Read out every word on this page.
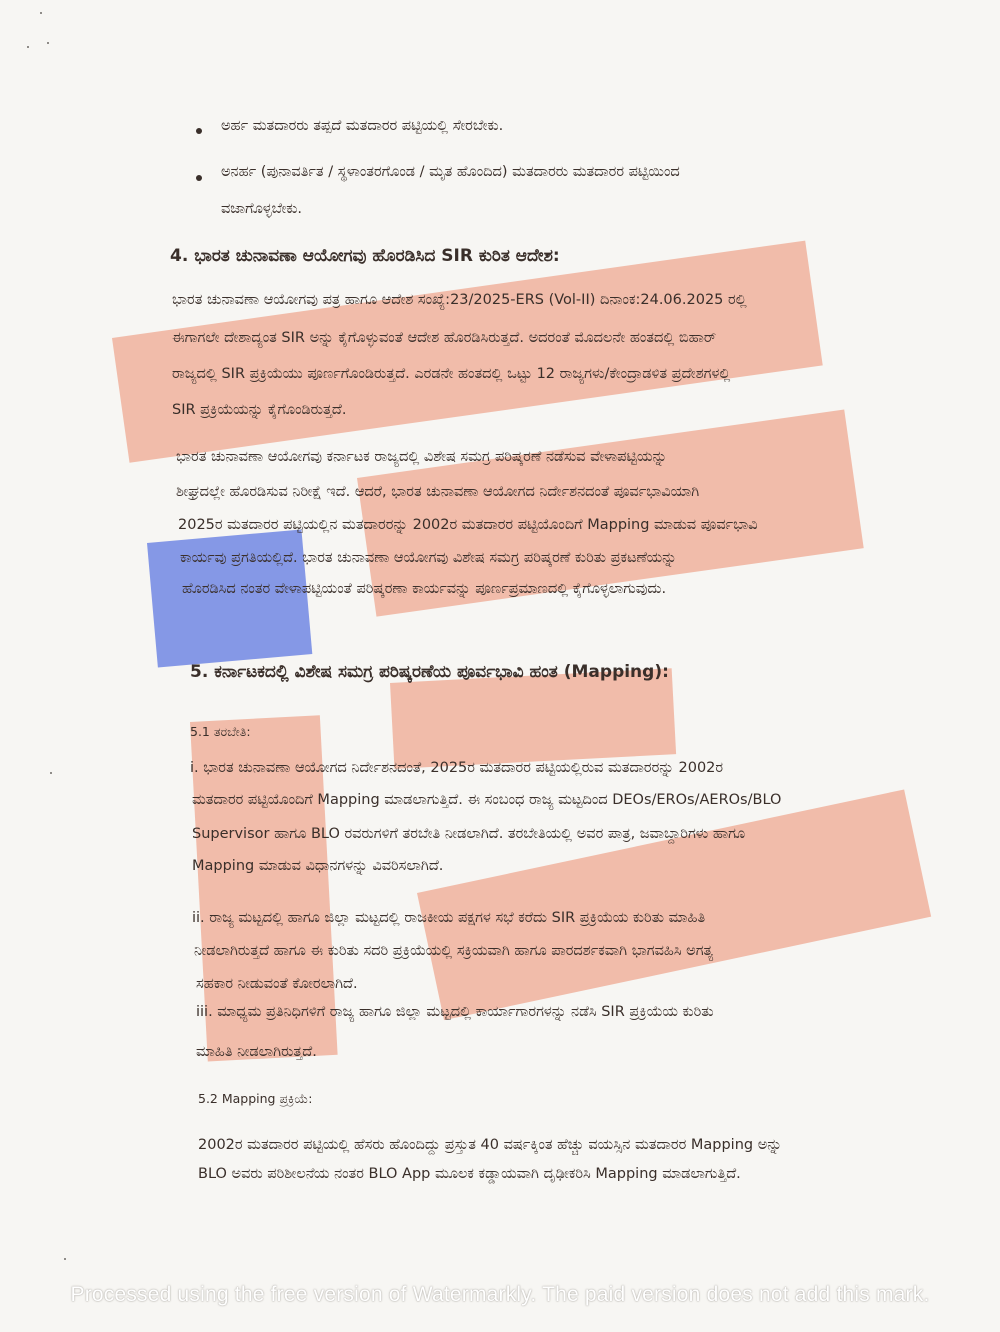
ಅರ್ಹ ಮತದಾರರು ತಪ್ಪದೆ ಮತದಾರರ ಪಟ್ಟಿಯಲ್ಲಿ ಸೇರಬೇಕು.
ಅನರ್ಹ (ಪುನಾವರ್ತಿತ / ಸ್ಥಳಾಂತರಗೊಂಡ / ಮೃತ ಹೊಂದಿದ) ಮತದಾರರು ಮತದಾರರ ಪಟ್ಟಿಯಿಂದ
ವಜಾಗೊಳ್ಳಬೇಕು.
4. ಭಾರತ ಚುನಾವಣಾ ಆಯೋಗವು ಹೊರಡಿಸಿದ SIR ಕುರಿತ ಆದೇಶ:
ಭಾರತ ಚುನಾವಣಾ ಆಯೋಗವು ಪತ್ರ ಹಾಗೂ ಆದೇಶ ಸಂಖ್ಯೆ:23/2025-ERS (Vol-II) ದಿನಾಂಕ:24.06.2025 ರಲ್ಲಿ
ಈಗಾಗಲೇ ದೇಶಾದ್ಯಂತ SIR ಅನ್ನು ಕೈಗೊಳ್ಳುವಂತೆ ಆದೇಶ ಹೊರಡಿಸಿರುತ್ತದೆ. ಅದರಂತೆ ಮೊದಲನೇ ಹಂತದಲ್ಲಿ ಬಿಹಾರ್
ರಾಜ್ಯದಲ್ಲಿ SIR ಪ್ರಕ್ರಿಯೆಯು ಪೂರ್ಣಗೊಂಡಿರುತ್ತದೆ. ಎರಡನೇ ಹಂತದಲ್ಲಿ ಒಟ್ಟು 12 ರಾಜ್ಯಗಳು/ಕೇಂದ್ರಾಡಳಿತ ಪ್ರದೇಶಗಳಲ್ಲಿ
SIR ಪ್ರಕ್ರಿಯೆಯನ್ನು ಕೈಗೊಂಡಿರುತ್ತದೆ.
ಭಾರತ ಚುನಾವಣಾ ಆಯೋಗವು ಕರ್ನಾಟಕ ರಾಜ್ಯದಲ್ಲಿ ವಿಶೇಷ ಸಮಗ್ರ ಪರಿಷ್ಕರಣೆ ನಡೆಸುವ ವೇಳಾಪಟ್ಟಿಯನ್ನು
ಶೀಘ್ರದಲ್ಲೇ ಹೊರಡಿಸುವ ನಿರೀಕ್ಷೆ ಇದೆ. ಆದರೆ, ಭಾರತ ಚುನಾವಣಾ ಆಯೋಗದ ನಿರ್ದೇಶನದಂತೆ ಪೂರ್ವಭಾವಿಯಾಗಿ
2025ರ ಮತದಾರರ ಪಟ್ಟಿಯಲ್ಲಿನ ಮತದಾರರನ್ನು 2002ರ ಮತದಾರರ ಪಟ್ಟಿಯೊಂದಿಗೆ Mapping ಮಾಡುವ ಪೂರ್ವಭಾವಿ
ಕಾರ್ಯವು ಪ್ರಗತಿಯಲ್ಲಿದೆ. ಭಾರತ ಚುನಾವಣಾ ಆಯೋಗವು ವಿಶೇಷ ಸಮಗ್ರ ಪರಿಷ್ಕರಣೆ ಕುರಿತು ಪ್ರಕಟಣೆಯನ್ನು
ಹೊರಡಿಸಿದ ನಂತರ ವೇಳಾಪಟ್ಟಿಯಂತೆ ಪರಿಷ್ಕರಣಾ ಕಾರ್ಯವನ್ನು ಪೂರ್ಣಪ್ರಮಾಣದಲ್ಲಿ ಕೈಗೊಳ್ಳಲಾಗುವುದು.
5. ಕರ್ನಾಟಕದಲ್ಲಿ ವಿಶೇಷ ಸಮಗ್ರ ಪರಿಷ್ಕರಣೆಯ ಪೂರ್ವಭಾವಿ ಹಂತ (Mapping):
5.1 ತರಬೇತಿ:
i. ಭಾರತ ಚುನಾವಣಾ ಆಯೋಗದ ನಿರ್ದೇಶನದಂತೆ, 2025ರ ಮತದಾರರ ಪಟ್ಟಿಯಲ್ಲಿರುವ ಮತದಾರರನ್ನು 2002ರ
ಮತದಾರರ ಪಟ್ಟಿಯೊಂದಿಗೆ Mapping ಮಾಡಲಾಗುತ್ತಿದೆ. ಈ ಸಂಬಂಧ ರಾಜ್ಯ ಮಟ್ಟದಿಂದ DEOs/EROs/AEROs/BLO
Supervisor ಹಾಗೂ BLO ರವರುಗಳಿಗೆ ತರಬೇತಿ ನೀಡಲಾಗಿದೆ. ತರಬೇತಿಯಲ್ಲಿ ಅವರ ಪಾತ್ರ, ಜವಾಬ್ದಾರಿಗಳು ಹಾಗೂ
Mapping ಮಾಡುವ ವಿಧಾನಗಳನ್ನು ವಿವರಿಸಲಾಗಿದೆ.
ii. ರಾಜ್ಯ ಮಟ್ಟದಲ್ಲಿ ಹಾಗೂ ಜಿಲ್ಲಾ ಮಟ್ಟದಲ್ಲಿ ರಾಜಕೀಯ ಪಕ್ಷಗಳ ಸಭೆ ಕರೆದು SIR ಪ್ರಕ್ರಿಯೆಯ ಕುರಿತು ಮಾಹಿತಿ
ನೀಡಲಾಗಿರುತ್ತದೆ ಹಾಗೂ ಈ ಕುರಿತು ಸದರಿ ಪ್ರಕ್ರಿಯೆಯಲ್ಲಿ ಸಕ್ರಿಯವಾಗಿ ಹಾಗೂ ಪಾರದರ್ಶಕವಾಗಿ ಭಾಗವಹಿಸಿ ಅಗತ್ಯ
ಸಹಕಾರ ನೀಡುವಂತೆ ಕೋರಲಾಗಿದೆ.
iii. ಮಾಧ್ಯಮ ಪ್ರತಿನಿಧಿಗಳಿಗೆ ರಾಜ್ಯ ಹಾಗೂ ಜಿಲ್ಲಾ ಮಟ್ಟದಲ್ಲಿ ಕಾರ್ಯಾಗಾರಗಳನ್ನು ನಡೆಸಿ SIR ಪ್ರಕ್ರಿಯೆಯ ಕುರಿತು
ಮಾಹಿತಿ ನೀಡಲಾಗಿರುತ್ತದೆ.
5.2 Mapping ಪ್ರಕ್ರಿಯೆ:
2002ರ ಮತದಾರರ ಪಟ್ಟಿಯಲ್ಲಿ ಹೆಸರು ಹೊಂದಿದ್ದು ಪ್ರಸ್ತುತ 40 ವರ್ಷಕ್ಕಿಂತ ಹೆಚ್ಚು ವಯಸ್ಸಿನ ಮತದಾರರ Mapping ಅನ್ನು
BLO ಅವರು ಪರಿಶೀಲನೆಯ ನಂತರ BLO App ಮೂಲಕ ಕಡ್ಡಾಯವಾಗಿ ದೃಢೀಕರಿಸಿ Mapping ಮಾಡಲಾಗುತ್ತಿದೆ.
Processed using the free version of Watermarkly. The paid version does not add this mark.
